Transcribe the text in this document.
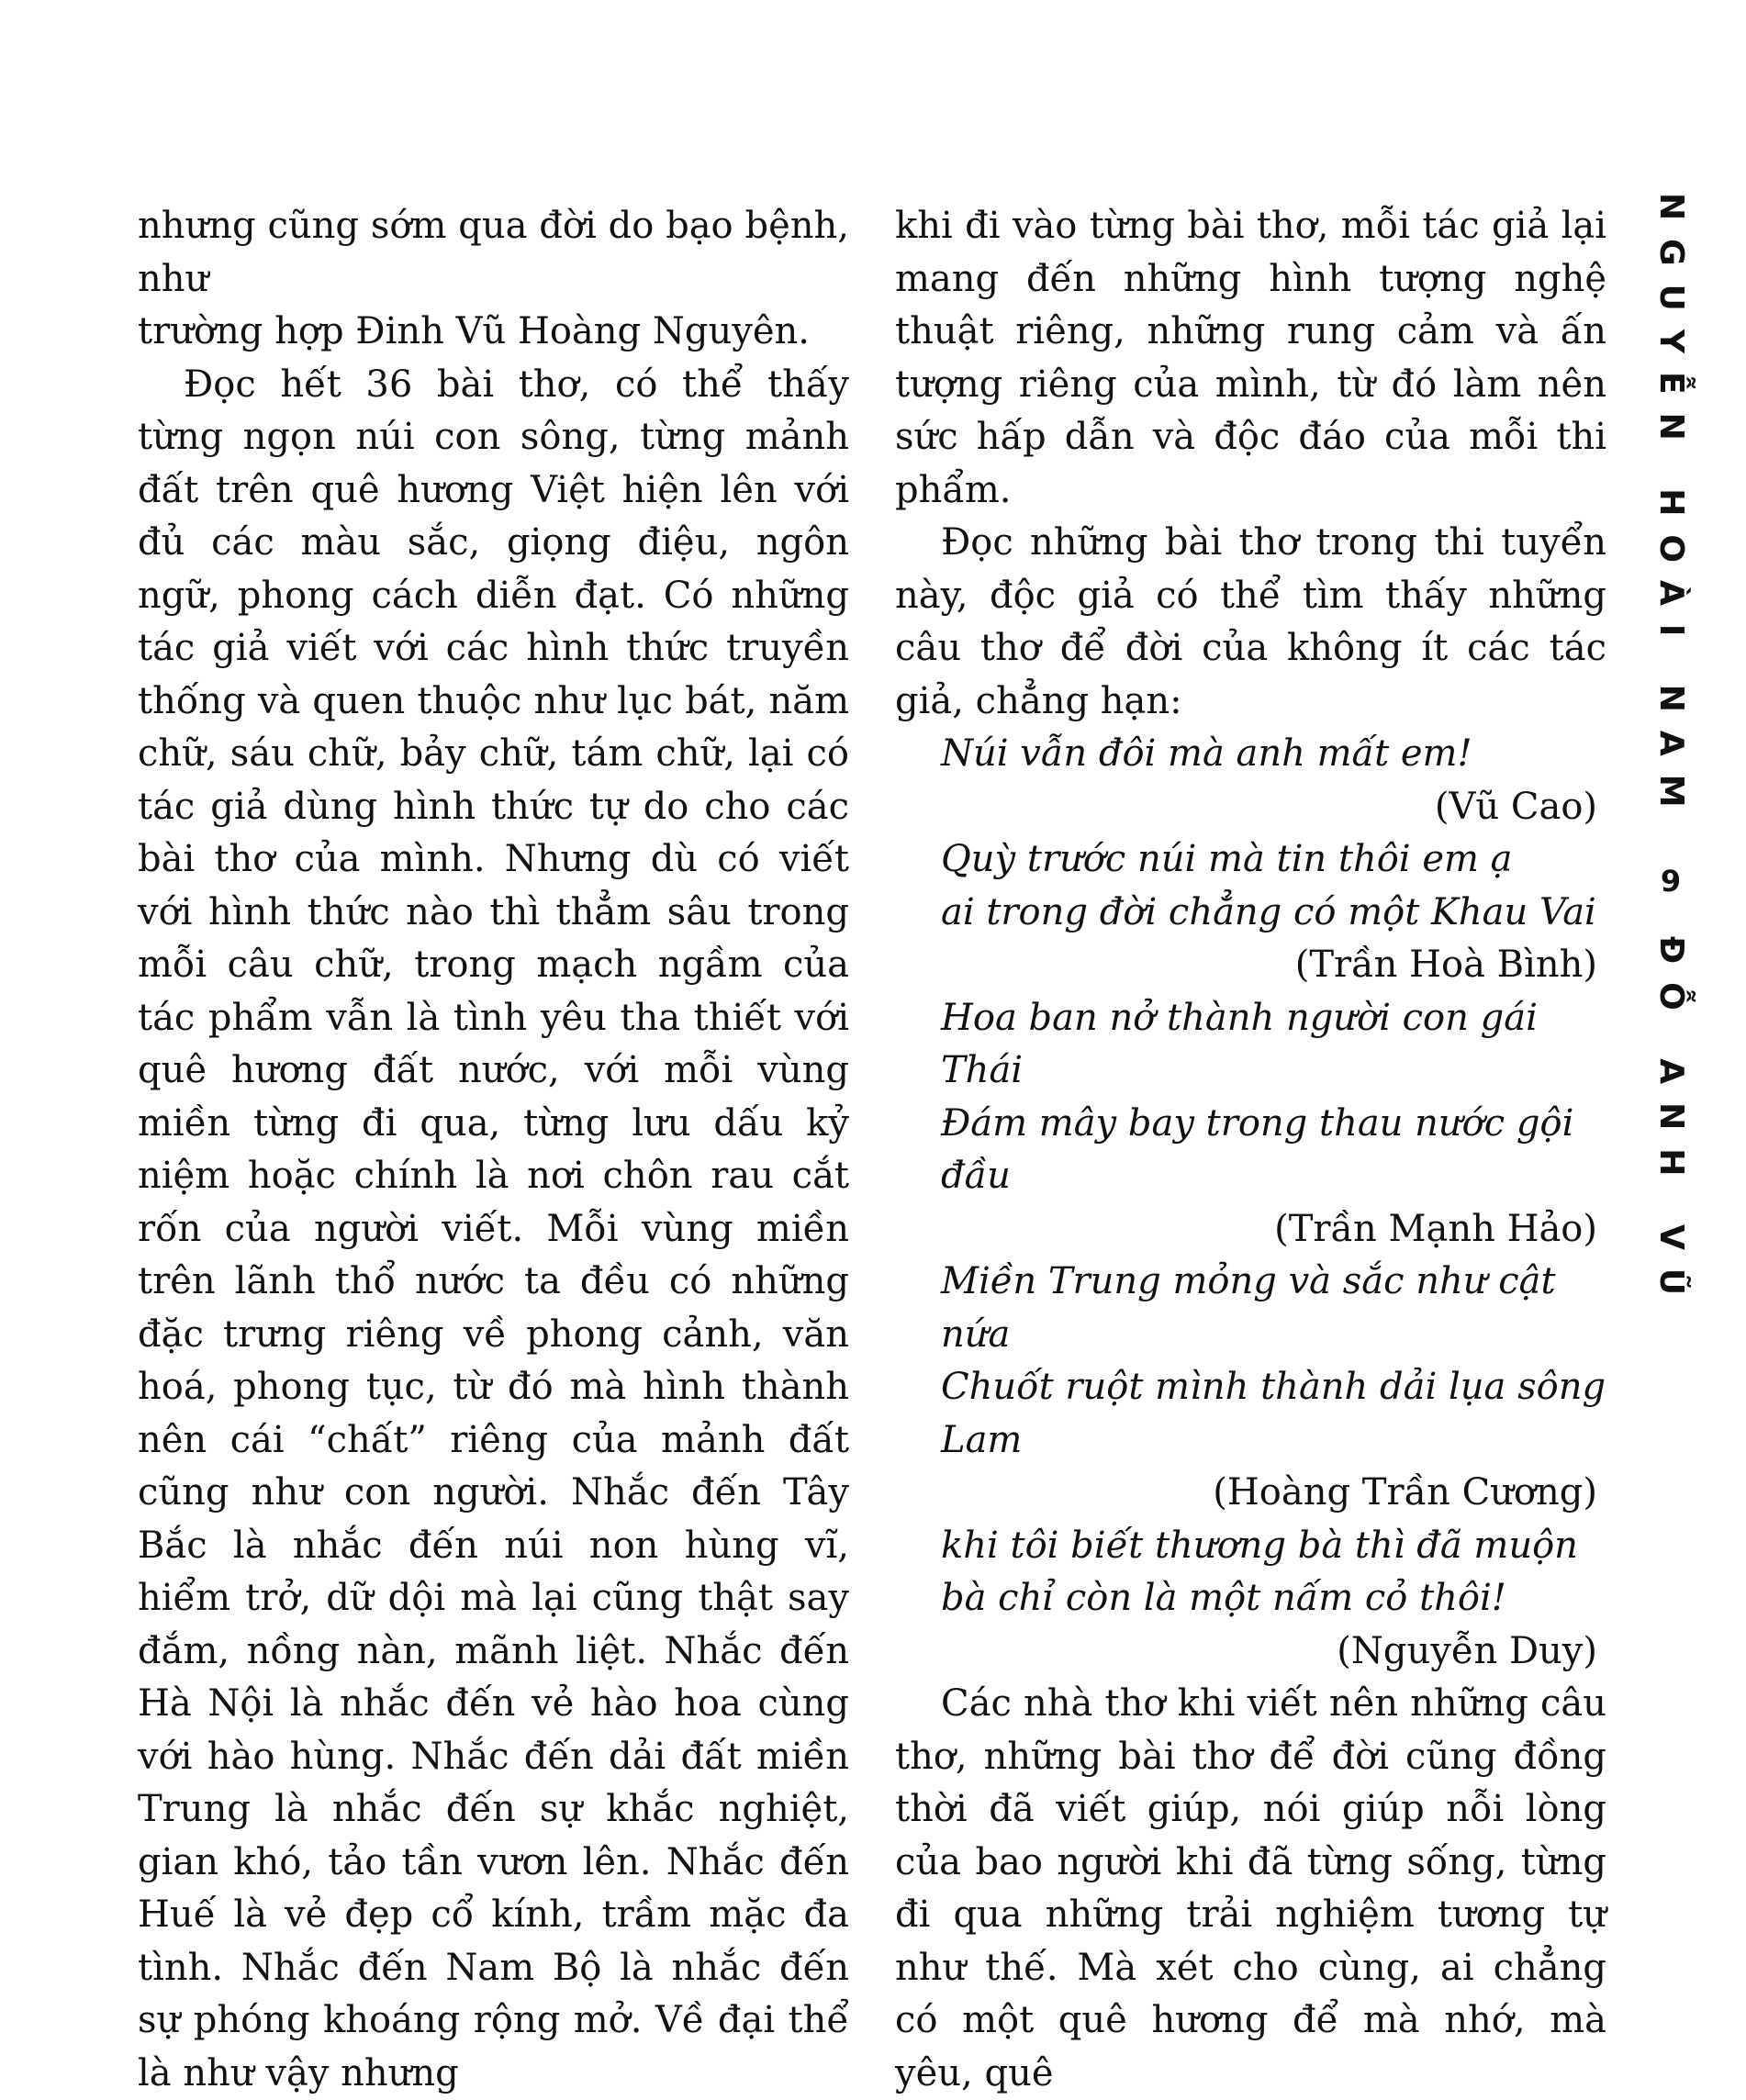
nhưng cũng sớm qua đời do bạo bệnh, như
trường hợp Đinh Vũ Hoàng Nguyên.

Đọc hết 36 bài thơ, có thể thấy từng ngọn núi con sông, từng mảnh đất trên quê hương Việt hiện lên với đủ các màu sắc, giọng điệu, ngôn ngữ, phong cách diễn đạt. Có những tác giả viết với các hình thức truyền thống và quen thuộc như lục bát, năm chữ, sáu chữ, bảy chữ, tám chữ, lại có tác giả dùng hình thức tự do cho các bài thơ của mình. Nhưng dù có viết với hình thức nào thì thẳm sâu trong mỗi câu chữ, trong mạch ngầm của tác phẩm vẫn là tình yêu tha thiết với quê hương đất nước, với mỗi vùng miền từng đi qua, từng lưu dấu kỷ niệm hoặc chính là nơi chôn rau cắt rốn của người viết. Mỗi vùng miền trên lãnh thổ nước ta đều có những đặc trưng riêng về phong cảnh, văn hoá, phong tục, từ đó mà hình thành nên cái “chất” riêng của mảnh đất cũng như con người. Nhắc đến Tây Bắc là nhắc đến núi non hùng vĩ, hiểm trở, dữ dội mà lại cũng thật say đắm, nồng nàn, mãnh liệt. Nhắc đến Hà Nội là nhắc đến vẻ hào hoa cùng với hào hùng. Nhắc đến dải đất miền Trung là nhắc đến sự khắc nghiệt, gian khó, tảo tần vươn lên. Nhắc đến Huế là vẻ đẹp cổ kính, trầm mặc đa tình. Nhắc đến Nam Bộ là nhắc đến sự phóng khoáng rộng mở. Về đại thể là như vậy nhưng

khi đi vào từng bài thơ, mỗi tác giả lại mang đến những hình tượng nghệ thuật riêng, những rung cảm và ấn tượng riêng của mình, từ đó làm nên sức hấp dẫn và độc đáo của mỗi thi phẩm.

Đọc những bài thơ trong thi tuyển này, độc giả có thể tìm thấy những câu thơ để đời của không ít các tác giả, chẳng hạn:

Núi vẫn đôi mà anh mất em!

(Vũ Cao)

Quỳ trước núi mà tin thôi em ạ
ai trong đời chẳng có một Khau Vai

(Trần Hoà Bình)

Hoa ban nở thành người con gái Thái
Đám mây bay trong thau nước gội đầu

(Trần Mạnh Hảo)

Miền Trung mỏng và sắc như cật nứa
Chuốt ruột mình thành dải lụa sông Lam

(Hoàng Trần Cương)

khi tôi biết thương bà thì đã muộn
bà chỉ còn là một nấm cỏ thôi!

(Nguyễn Duy)

Các nhà thơ khi viết nên những câu thơ, những bài thơ để đời cũng đồng thời đã viết giúp, nói giúp nỗi lòng của bao người khi đã từng sống, từng đi qua những trải nghiệm tương tự như thế. Mà xét cho cùng, ai chẳng có một quê hương để mà nhớ, mà yêu, quê

NGUYỄN HOÀI NAM
9
ĐỖ ANH VŨ
